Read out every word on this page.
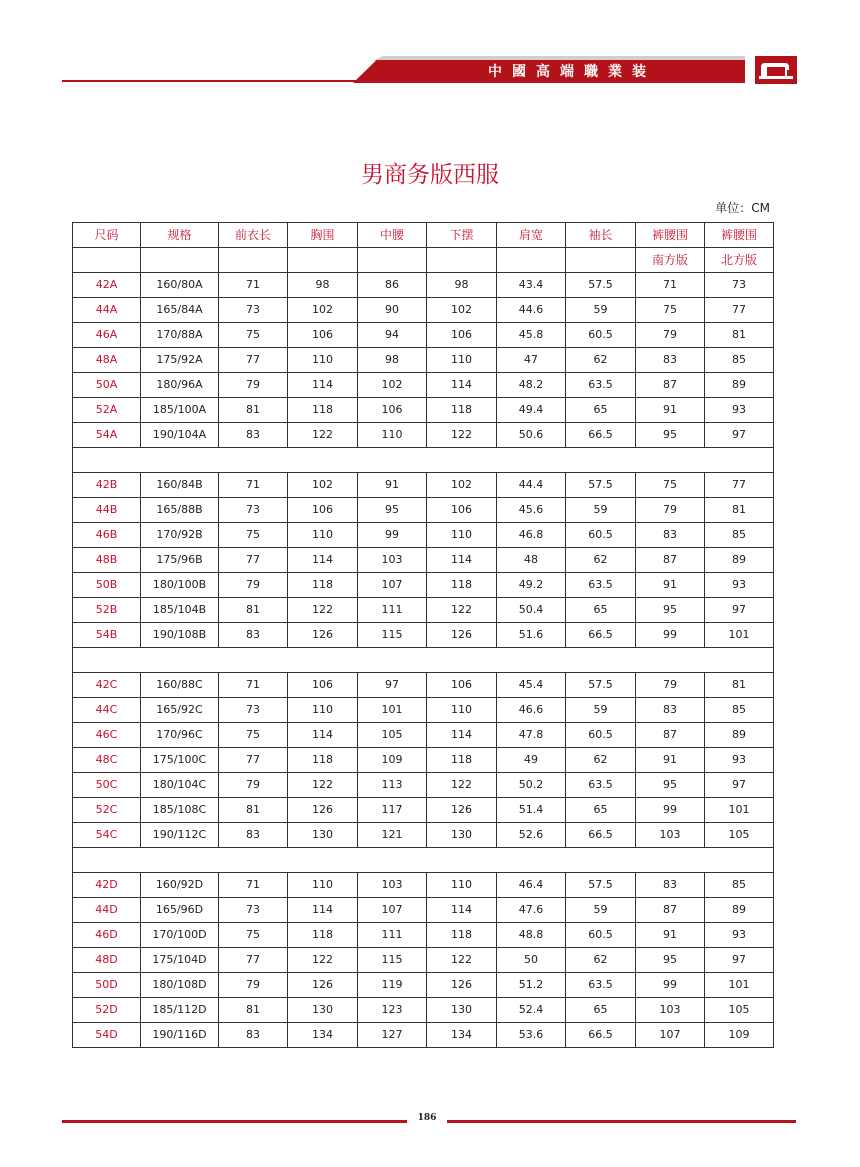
中國高端職業装
男商务版西服
单位：CM
尺码	规格	前衣长	胸围	中腰	下摆	肩宽	袖长	裤腰围	裤腰围
								南方版	北方版
42A	160/80A	71	98	86	98	43.4	57.5	71	73
44A	165/84A	73	102	90	102	44.6	59	75	77
46A	170/88A	75	106	94	106	45.8	60.5	79	81
48A	175/92A	77	110	98	110	47	62	83	85
50A	180/96A	79	114	102	114	48.2	63.5	87	89
52A	185/100A	81	118	106	118	49.4	65	91	93
54A	190/104A	83	122	110	122	50.6	66.5	95	97

42B	160/84B	71	102	91	102	44.4	57.5	75	77
44B	165/88B	73	106	95	106	45.6	59	79	81
46B	170/92B	75	110	99	110	46.8	60.5	83	85
48B	175/96B	77	114	103	114	48	62	87	89
50B	180/100B	79	118	107	118	49.2	63.5	91	93
52B	185/104B	81	122	111	122	50.4	65	95	97
54B	190/108B	83	126	115	126	51.6	66.5	99	101

42C	160/88C	71	106	97	106	45.4	57.5	79	81
44C	165/92C	73	110	101	110	46.6	59	83	85
46C	170/96C	75	114	105	114	47.8	60.5	87	89
48C	175/100C	77	118	109	118	49	62	91	93
50C	180/104C	79	122	113	122	50.2	63.5	95	97
52C	185/108C	81	126	117	126	51.4	65	99	101
54C	190/112C	83	130	121	130	52.6	66.5	103	105

42D	160/92D	71	110	103	110	46.4	57.5	83	85
44D	165/96D	73	114	107	114	47.6	59	87	89
46D	170/100D	75	118	111	118	48.8	60.5	91	93
48D	175/104D	77	122	115	122	50	62	95	97
50D	180/108D	79	126	119	126	51.2	63.5	99	101
52D	185/112D	81	130	123	130	52.4	65	103	105
54D	190/116D	83	134	127	134	53.6	66.5	107	109
186
